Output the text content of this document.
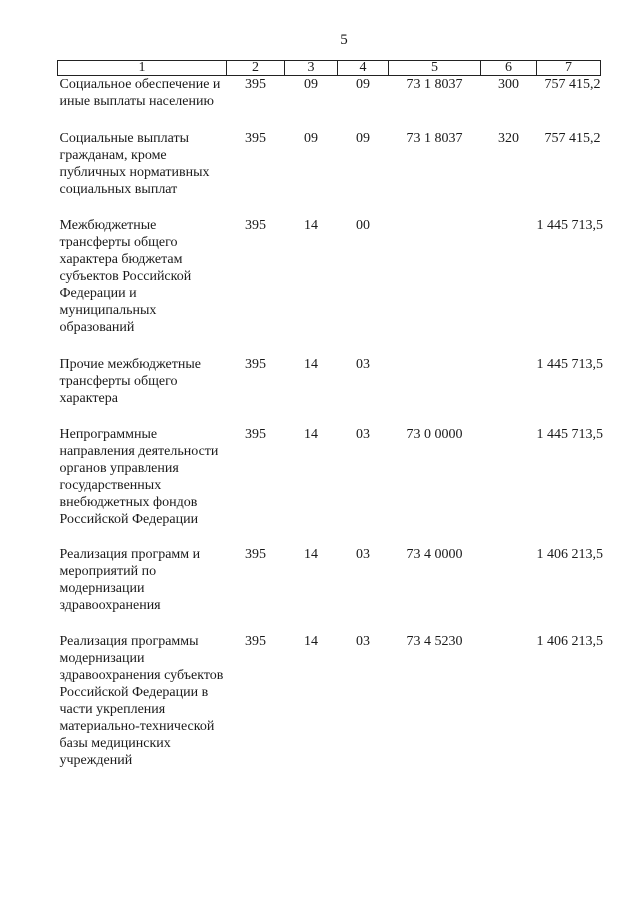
5
1	2	3	4	5	6	7
Социальное обеспечение и иные выплаты населению	395	09	09	73 1 8037	300	757 415,2
Социальные выплаты гражданам, кроме публичных нормативных социальных выплат	395	09	09	73 1 8037	320	757 415,2
Межбюджетные трансферты общего характера бюджетам субъектов Российской Федерации и муниципальных образований	395	14	00			1 445 713,5
Прочие межбюджетные трансферты общего характера	395	14	03			1 445 713,5
Непрограммные направления деятельности органов управления государственных внебюджетных фондов Российской Федерации	395	14	03	73 0 0000		1 445 713,5
Реализация программ и мероприятий по модернизации здравоохранения	395	14	03	73 4 0000		1 406 213,5
Реализация программы модернизации здравоохранения субъектов Российской Федерации в части укрепления материально-технической базы медицинских учреждений	395	14	03	73 4 5230		1 406 213,5
